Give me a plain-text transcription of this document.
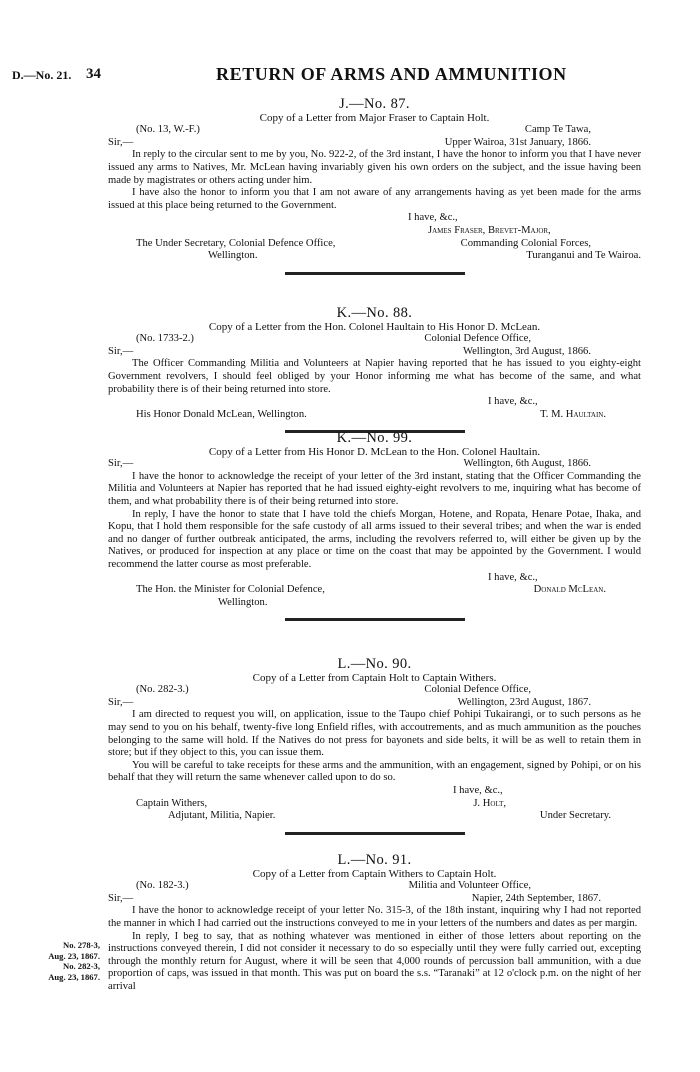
D.—No. 21. 34	RETURN OF ARMS AND AMMUNITION
J.—No. 87.
Copy of a Letter from Major Fraser to Captain Holt.
(No. 13, W.-F.)	Camp Te Tawa,
Sir,—	Upper Wairoa, 31st January, 1866.

In reply to the circular sent to me by you, No. 922-2, of the 3rd instant, I have the honor to inform you that I have never issued any arms to Natives, Mr. McLean having invariably given his own orders on the subject, and the issue having been made by magistrates or others acting under him.

I have also the honor to inform you that I am not aware of any arrangements having as yet been made for the arms issued at this place being returned to the Government.

I have, &c.,
James Fraser, Brevet-Major,
The Under Secretary, Colonial Defence Office,	Commanding Colonial Forces,
Wellington.	Turanganui and Te Wairoa.
K.—No. 88.
Copy of a Letter from the Hon. Colonel Haultain to His Honor D. McLean.
(No. 1733-2.)	Colonial Defence Office,
Sir,—	Wellington, 3rd August, 1866.

The Officer Commanding Militia and Volunteers at Napier having reported that he has issued to you eighty-eight Government revolvers, I should feel obliged by your Honor informing me what has become of the same, and what probability there is of their being returned into store.

I have, &c.,
His Honor Donald McLean, Wellington.	T. M. Haultain.
K.—No. 99.
Copy of a Letter from His Honor D. McLean to the Hon. Colonel Haultain.
Sir,—	Wellington, 6th August, 1866.

I have the honor to acknowledge the receipt of your letter of the 3rd instant, stating that the Officer Commanding the Militia and Volunteers at Napier has reported that he had issued eighty-eight revolvers to me, inquiring what has become of them, and what probability there is of their being returned into store.

In reply, I have the honor to state that I have told the chiefs Morgan, Hotene, and Ropata, Henare Potae, Ihaka, and Kopu, that I hold them responsible for the safe custody of all arms issued to their several tribes; and when the war is ended and no danger of further outbreak anticipated, the arms, including the revolvers referred to, will either be given up by the Natives, or produced for inspection at any place or time on the coast that may be appointed by the Government. I would recommend the latter course as most preferable.

I have, &c.,
The Hon. the Minister for Colonial Defence,	Donald McLean.
Wellington.
L.—No. 90.
Copy of a Letter from Captain Holt to Captain Withers.
(No. 282-3.)	Colonial Defence Office,
Sir,—	Wellington, 23rd August, 1867.

I am directed to request you will, on application, issue to the Taupo chief Pohipi Tukairangi, or to such persons as he may send to you on his behalf, twenty-five long Enfield rifles, with accoutrements, and as much ammunition as the pouches belonging to the same will hold. If the Natives do not press for bayonets and side belts, it will be as well to retain them in store; but if they object to this, you can issue them.

You will be careful to take receipts for these arms and the ammunition, with an engagement, signed by Pohipi, or on his behalf that they will return the same whenever called upon to do so.

I have, &c.,
Captain Withers,	J. Holt,
Adjutant, Militia, Napier.	Under Secretary.
L.—No. 91.
Copy of a Letter from Captain Withers to Captain Holt.
(No. 182-3.)	Militia and Volunteer Office,
Sir,—	Napier, 24th September, 1867.

I have the honor to acknowledge receipt of your letter No. 315-3, of the 18th instant, inquiring why I had not reported the manner in which I had carried out the instructions conveyed to me in your letters of the numbers and dates as per margin.

In reply, I beg to say, that as nothing whatever was mentioned in either of those letters about reporting on the instructions conveyed therein, I did not consider it necessary to do so especially until they were fully carried out, excepting through the monthly return for August, where it will be seen that 4,000 rounds of percussion ball ammunition, with a due proportion of caps, was issued in that month. This was put on board the s.s. “Taranaki” at 12 o'clock p.m. on the night of her arrival

No. 278-3,
Aug. 23, 1867.
No. 282-3,
Aug. 23, 1867.
